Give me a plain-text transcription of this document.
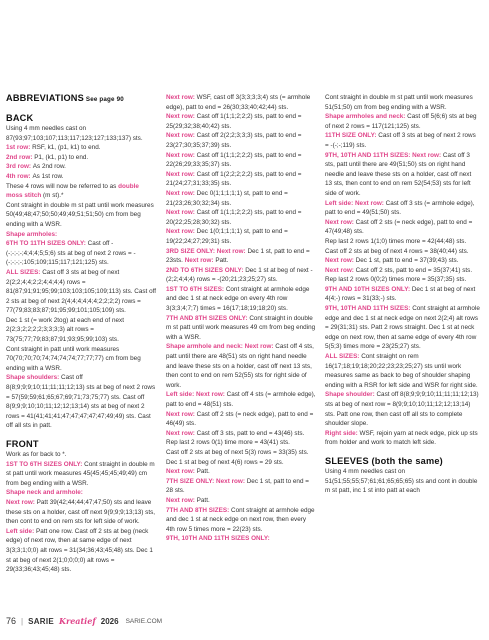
ABBREVIATIONS See page 90

BACK

Using 4 mm needles cast on 87(93;97;103;107;113;117;123;127;133;137) sts.

1st row: RSF, k1, (p1, k1) to end.

2nd row: P1, (k1, p1) to end.

3rd row: As 2nd row.

4th row: As 1st row.

These 4 rows will now be referred to as double moss stitch (m st).*

Cont straight in double m st patt until work measures 50(49;48;47;50;50;49;49;51;51;50) cm from beg ending with a WSR.

Shape armholes:

6TH TO 11TH SIZES ONLY: Cast off -(-;-;-;-;4;4;4;5;5;6) sts at beg of next 2 rows = -(-;-;-;-;105;109;115;117;121;125) sts.

ALL SIZES: Cast off 3 sts at beg of next 2(2;2;4;4;2;2;4;4;4;4) rows = 81(87;91;91;95;99;103;103;105;109;113) sts. Cast off 2 sts at beg of next 2(4;4;4;4;4;4;2;2;2;2) rows = 77(79;83;83;87;91;95;99;101;105;109) sts.

Dec 1 st (= work 2tog) at each end of next 2(2;3;2;2;2;2;3;3;3;3) alt rows = 73(75;77;79;83;87;91;93;95;99;103) sts.

Cont straight in patt until work measures 70(70;70;70;74;74;74;74;77;77;77) cm from beg ending with a WSR.

Shape shoulders: Cast off 8(8;9;9;9;10;11;11;11;12;13) sts at beg of next 2 rows = 57(59;59;61;65;67;69;71;73;75;77) sts. Cast off 8(9;9;9;10;10;11;12;12;13;14) sts at beg of next 2 rows = 41(41;41;41;47;47;47;47;47;49;49) sts. Cast off all sts in patt.

FRONT

Work as for back to *.

1ST TO 6TH SIZES ONLY: Cont straight in double m st patt until work measures 45(45;45;45;49;49) cm from beg ending with a WSR.

Shape neck and armhole:

Next row: Patt 39(42;44;44;47;47;50) sts and leave these sts on a holder, cast off next 9(9;9;9;13;13) sts, then cont to end on rem sts for left side of work.

Left side: Patt one row. Cast off 2 sts at beg (neck edge) of next row, then at same edge of next 3(3;3;1;0;0) alt rows = 31(34;36;43;45;48) sts. Dec 1 st at beg of next 2(1;0;0;0;0) alt rows = 29(33;36;43;45;48) sts.

Next row: WSF, cast off 3(3;3;3;3;4) sts (= armhole edge), patt to end = 26(30;33;40;42;44) sts.

Next row: Cast off 1(1;1;2;2;2) sts, patt to end = 25(29;32;38;40;42) sts.

Next row: Cast off 2(2;2;3;3;3) sts, patt to end = 23(27;30;35;37;39) sts.

Next row: Cast off 1(1;1;2;2;2) sts, patt to end = 22(26;29;33;35;37) sts.

Next row: Cast off 1(2;2;2;2;2) sts, patt to end = 21(24;27;31;33;35) sts.

Next row: Dec 0(1;1;1;1;1) st, patt to end = 21(23;26;30;32;34) sts.

Next row: Cast off 1(1;1;2;2;2) sts, patt to end = 20(22;25;28;30;32) sts.

Next row: Dec 1(0;1;1;1;1) st, patt to end = 19(22;24;27;29;31) sts.

3RD SIZE ONLY: Next row: Dec 1 st, patt to end = 23sts. Next row: Patt.

2ND TO 6TH SIZES ONLY: Dec 1 st at beg of next -(2;2;4;4;4) rows = -(20;21;23;25;27) sts.

1ST TO 6TH SIZES: Cont straight at armhole edge and dec 1 st at neck edge on every 4th row 3(3;3;4;7;7) times = 16(17;18;19;18;20) sts.

7TH AND 8TH SIZES ONLY: Cont straight in double m st patt until work measures 49 cm from beg ending with a WSR.

Shape armhole and neck: Next row: Cast off 4 sts, patt until there are 48(51) sts on right hand needle and leave these sts on a holder, cast off next 13 sts, then cont to end on rem 52(55) sts for right side of work.

Left side: Next row: Cast off 4 sts (= armhole edge), patt to end = 48(51) sts.

Next row: Cast off 2 sts (= neck edge), patt to end = 46(49) sts.

Next row: Cast off 3 sts, patt to end = 43(46) sts.

Rep last 2 rows 0(1) time more = 43(41) sts.

Cast off 2 sts at beg of next 5(3) rows = 33(35) sts.

Dec 1 st at beg of next 4(6) rows = 29 sts.

Next row: Patt.

7TH SIZE ONLY: Next row: Dec 1 st, patt to end = 28 sts.

Next row: Patt.

7TH AND 8TH SIZES: Cont straight at armhole edge and dec 1 st at neck edge on next row, then every 4th row 5 times more = 22(23) sts.

9TH, 10TH AND 11TH SIZES ONLY:

Cont straight in double m st patt until work measures 51(51;50) cm from beg ending with a WSR.

Shape armholes and neck: Cast off 5(6;6) sts at beg of next 2 rows = 117(121;125) sts.

11TH SIZE ONLY: Cast off 3 sts at beg of next 2 rows = -(-;-;119) sts.

9TH, 10TH AND 11TH SIZES: Next row: Cast off 3 sts, patt until there are 49(51;50) sts on right hand needle and leave these sts on a holder, cast off next 13 sts, then cont to end on rem 52(54;53) sts for left side of work.

Left side: Next row: Cast off 3 sts (= armhole edge), patt to end = 49(51;50) sts.

Next row: Cast off 2 sts (= neck edge), patt to end = 47(49;48) sts.

Rep last 2 rows 1(1;0) times more = 42(44;48) sts.

Cast off 2 sts at beg of next 4 rows = 38(40;44) sts.

Next row: Dec 1 st, patt to end = 37(39;43) sts.

Next row: Cast off 2 sts, patt to end = 35(37;41) sts.

Rep last 2 rows 0(0;2) times more = 35(37;35) sts.

9TH AND 10TH SIZES ONLY: Dec 1 st at beg of next 4(4;-) rows = 31(33;-) sts.

9TH, 10TH AND 11TH SIZES: Cont straight at armhole edge and dec 1 st at neck edge on next 2(2;4) alt rows = 29(31;31) sts. Patt 2 rows straight. Dec 1 st at neck edge on next row, then at same edge of every 4th row 5(5;3) times more = 23(25;27) sts.

ALL SIZES: Cont straight on rem 16(17;18;19;18;20;22;23;23;25;27) sts until work measures same as back to beg of shoulder shaping ending with a RSR for left side and WSR for right side.

Shape shoulder: Cast off 8(8;9;9;9;10;11;11;11;12;13) sts at beg of next row = 8(9;9;10;10;11;12;12;13;14) sts. Patt one row, then cast off all sts to complete shoulder slope.

Right side: WSF, rejoin yarn at neck edge, pick up sts from holder and work to match left side.

SLEEVES (both the same)

Using 4 mm needles cast on 51(51;55;55;57;61;61;65;65;65) sts and cont in double m st patt, inc 1 st into patt at each

76 | SARIE Kreatief 2026 SARIE.COM
